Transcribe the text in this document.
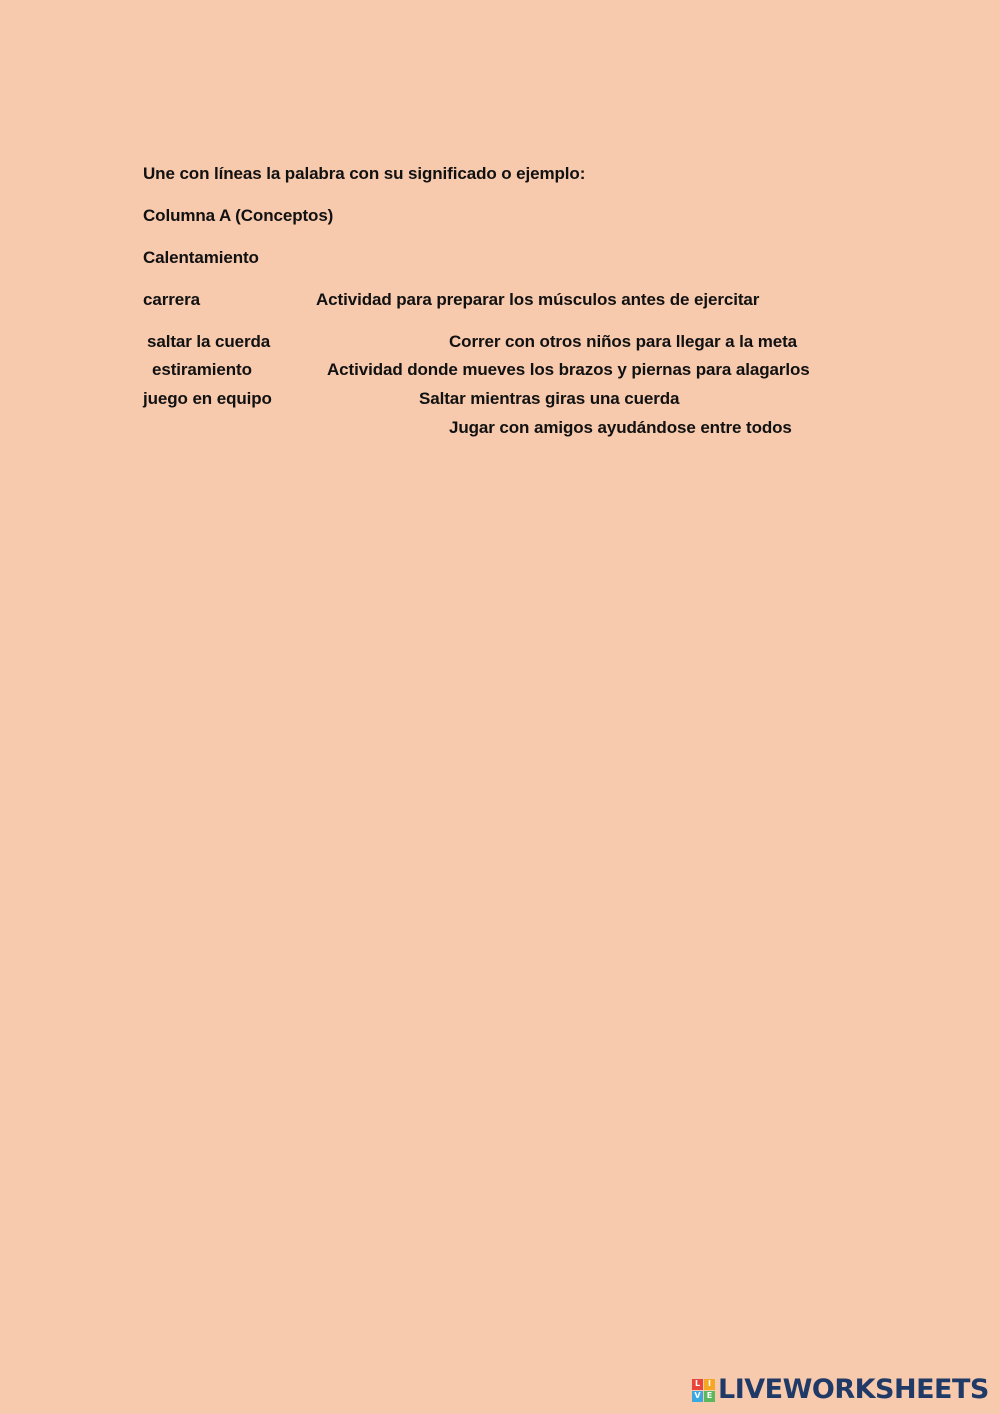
Une con líneas la palabra con su significado o ejemplo:
Columna A (Conceptos)
Calentamiento
carrera
saltar la cuerda
estiramiento
juego en equipo
Actividad para preparar los músculos antes de ejercitar
Correr con otros niños para llegar a la meta
Actividad donde mueves los brazos y piernas para alagarlos
Saltar mientras giras una cuerda
Jugar con amigos ayudándose entre todos
L I
V E LIVEWORKSHEETS
